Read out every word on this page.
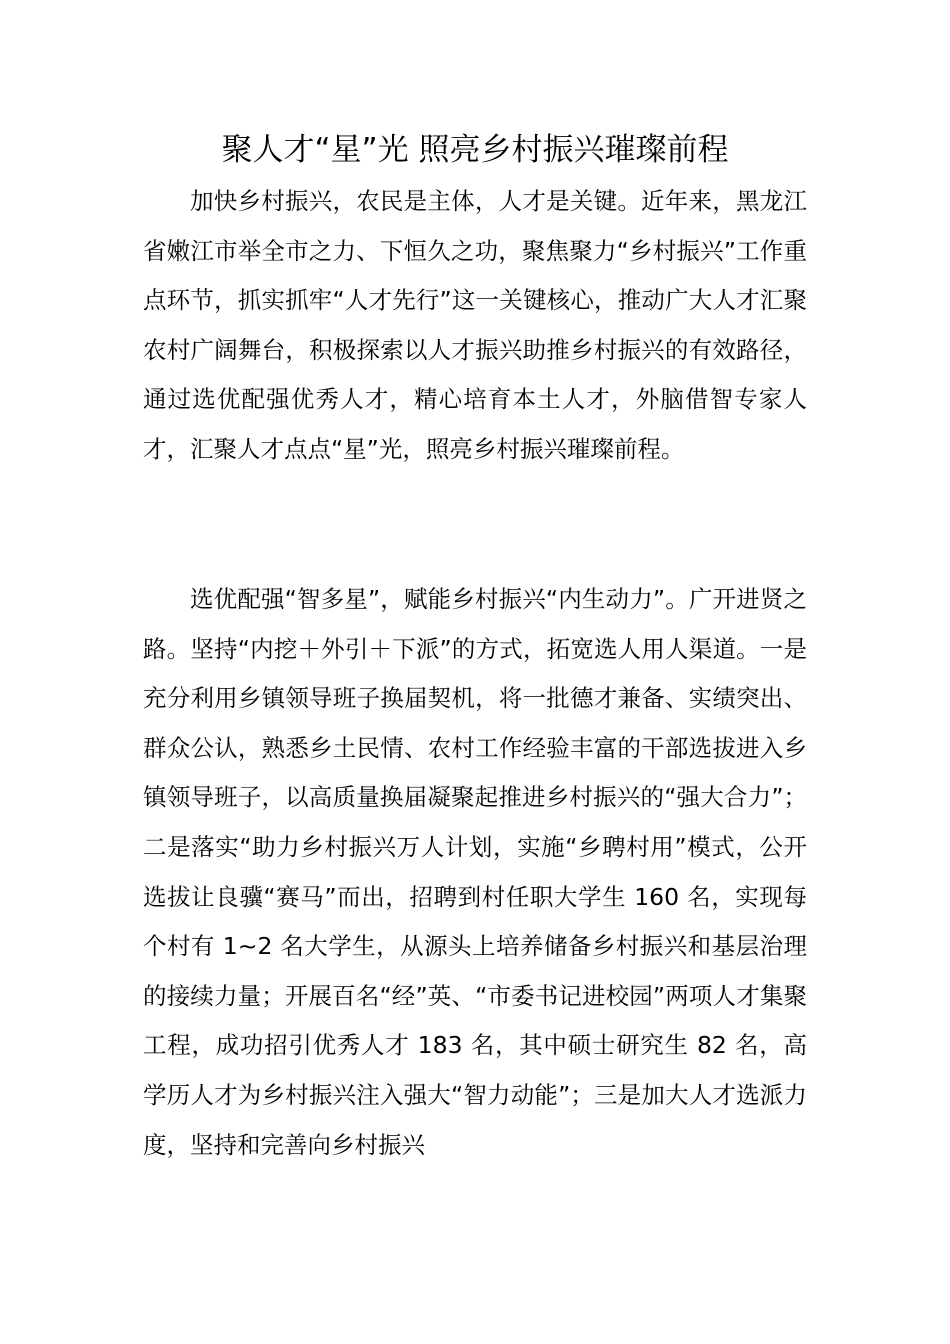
聚人才“星”光 照亮乡村振兴璀璨前程

加快乡村振兴，农民是主体，人才是关键。近年来，黑龙江省嫩江市举全市之力、下恒久之功，聚焦聚力“乡村振兴”工作重点环节，抓实抓牢“人才先行”这一关键核心，推动广大人才汇聚农村广阔舞台，积极探索以人才振兴助推乡村振兴的有效路径，通过选优配强优秀人才，精心培育本土人才，外脑借智专家人才，汇聚人才点点“星”光，照亮乡村振兴璀璨前程。

选优配强“智多星”，赋能乡村振兴“内生动力”。广开进贤之路。坚持“内挖＋外引＋下派”的方式，拓宽选人用人渠道。一是充分利用乡镇领导班子换届契机，将一批德才兼备、实绩突出、群众公认，熟悉乡土民情、农村工作经验丰富的干部选拔进入乡镇领导班子，以高质量换届凝聚起推进乡村振兴的“强大合力”；二是落实“助力乡村振兴万人计划，实施“乡聘村用”模式，公开选拔让良骥“赛马”而出，招聘到村任职大学生 160 名，实现每个村有 1~2 名大学生，从源头上培养储备乡村振兴和基层治理的接续力量；开展百名“经”英、“市委书记进校园”两项人才集聚工程，成功招引优秀人才 183 名，其中硕士研究生 82 名，高学历人才为乡村振兴注入强大“智力动能”；三是加大人才选派力度，坚持和完善向乡村振兴
